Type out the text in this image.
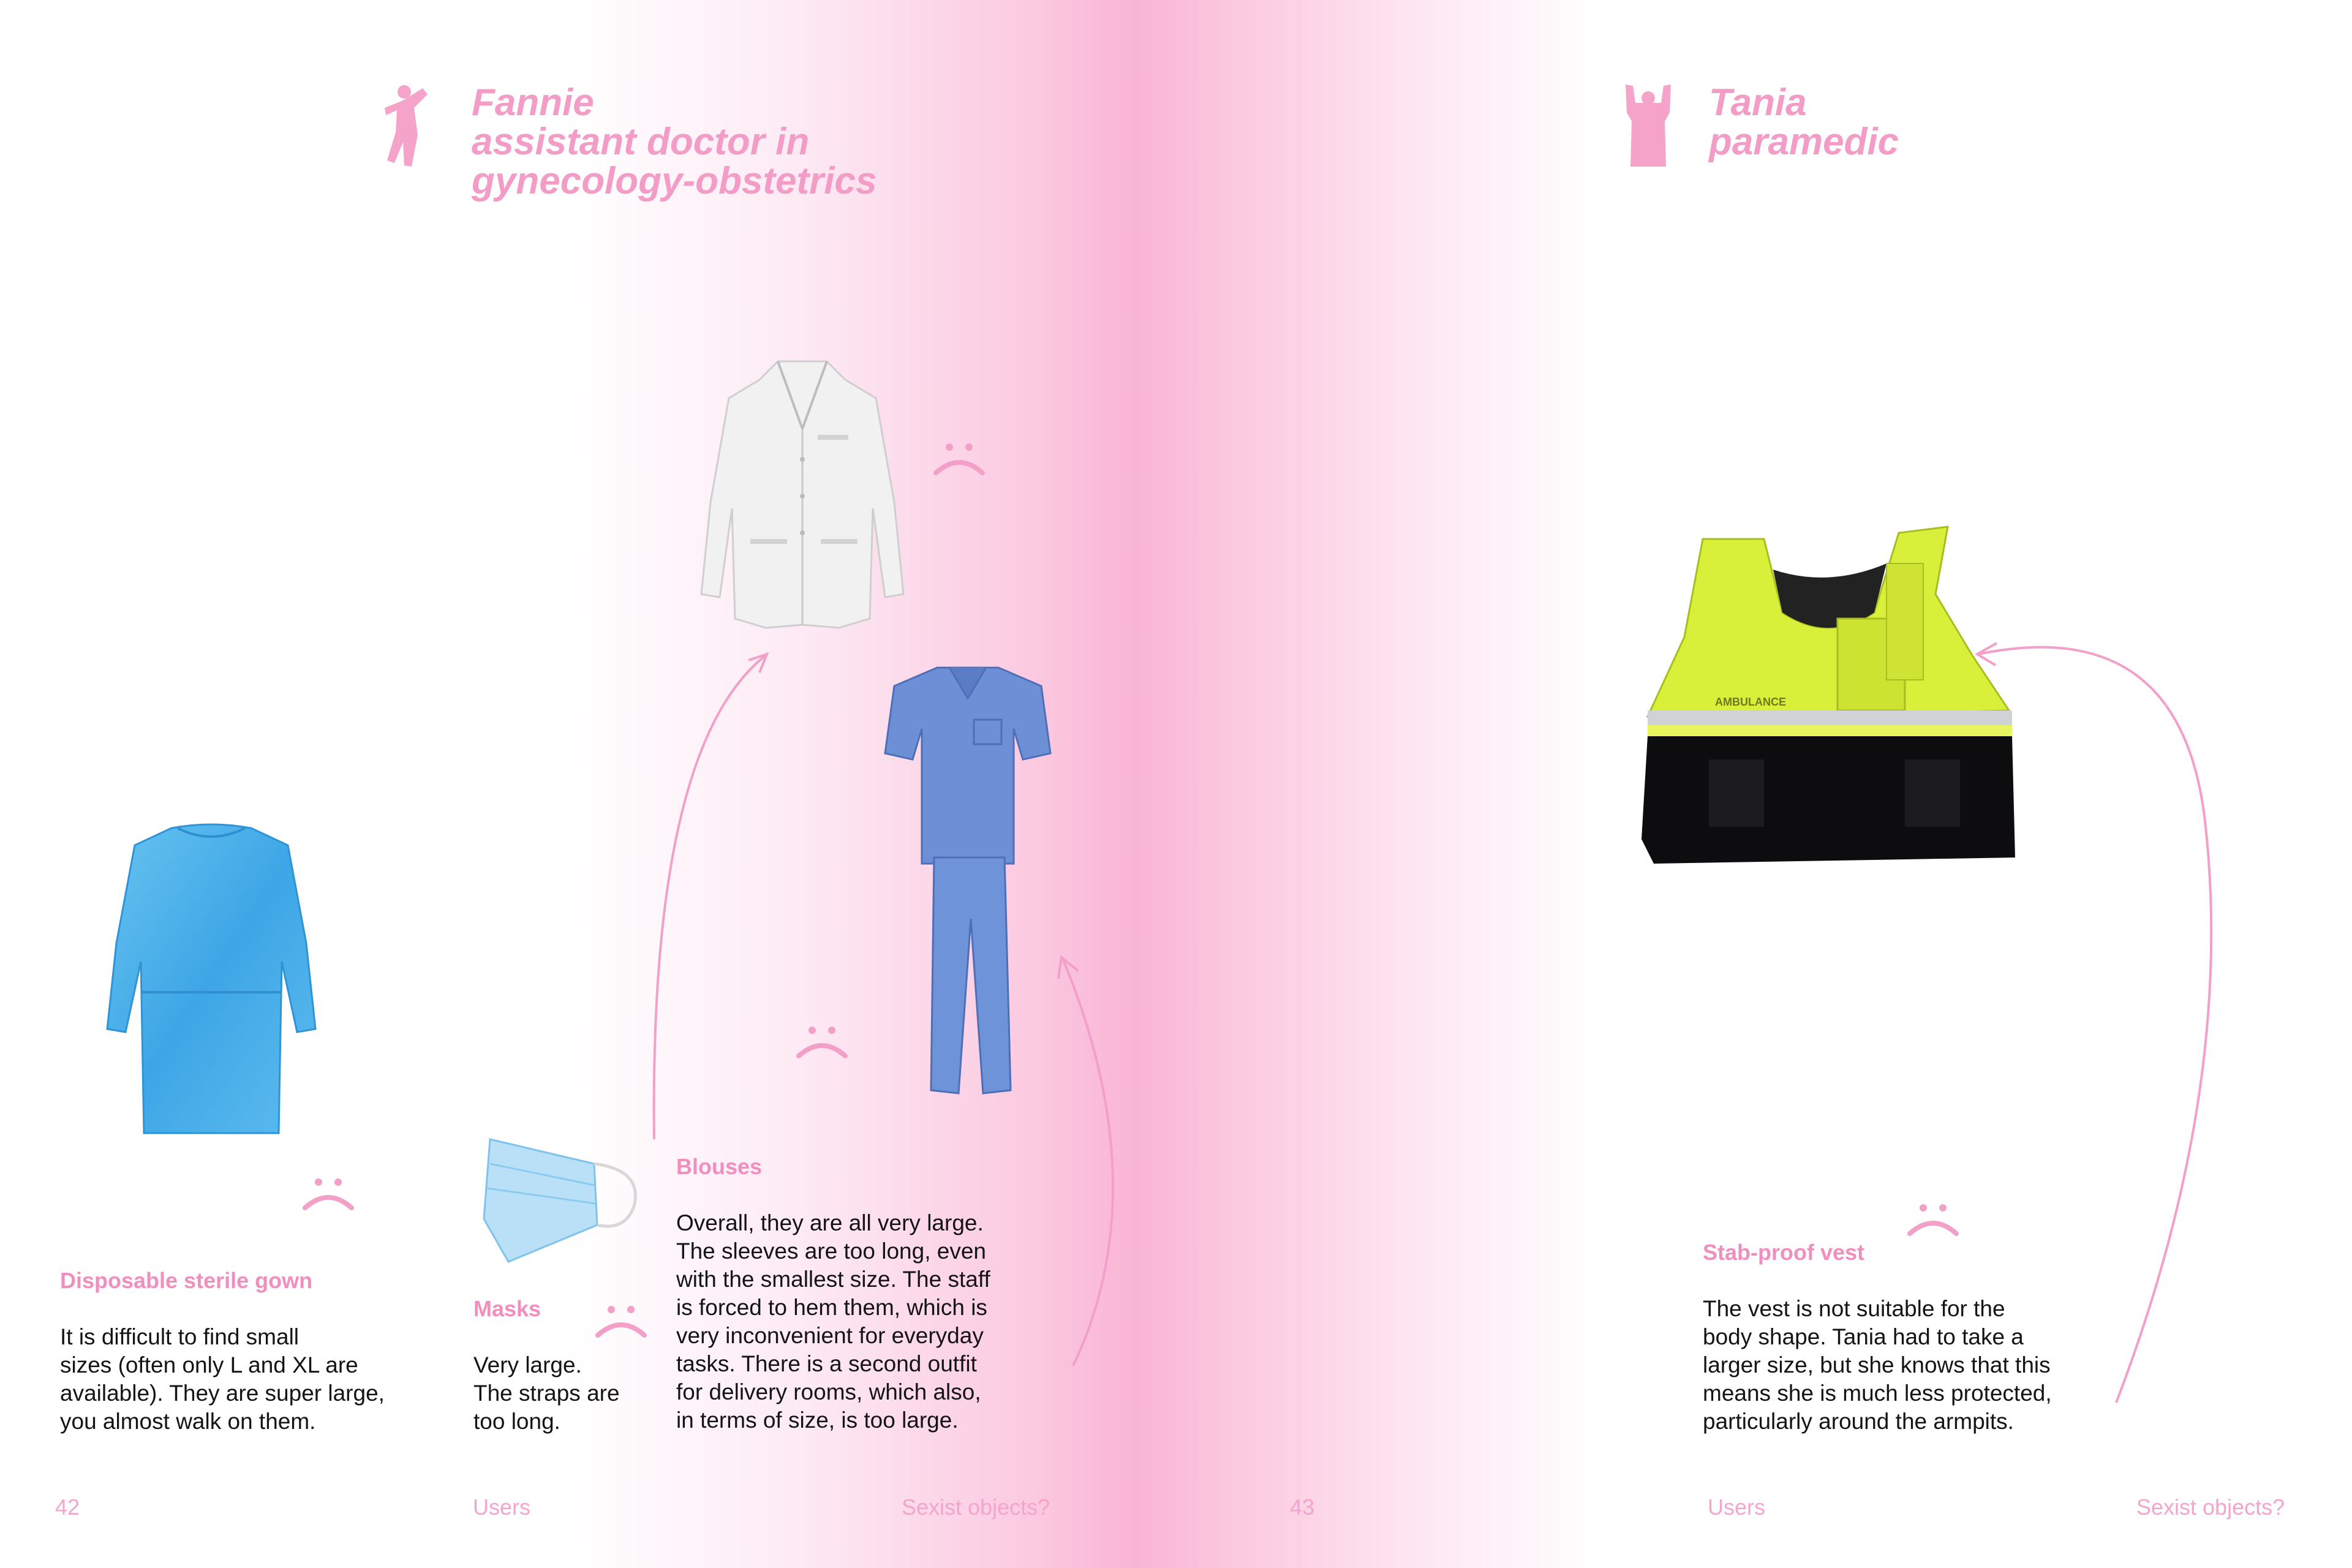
Fannie
assistant doctor in
gynecology-obstetrics
Disposable sterile gown
It is difficult to find small
sizes (often only L and XL are
available). They are super large,
you almost walk on them.
Masks
Very large.
The straps are
too long.
Blouses
Overall, they are all very large.
The sleeves are too long, even
with the smallest size. The staff
is forced to hem them, which is
very inconvenient for everyday
tasks. There is a second outfit
for delivery rooms, which also,
in terms of size, is too large.
42	Users	Sexist objects?
Tania
paramedic
AMBULANCE
Stab-proof vest
The vest is not suitable for the
body shape. Tania had to take a
larger size, but she knows that this
means she is much less protected,
particularly around the armpits.
43	Users	Sexist objects?
